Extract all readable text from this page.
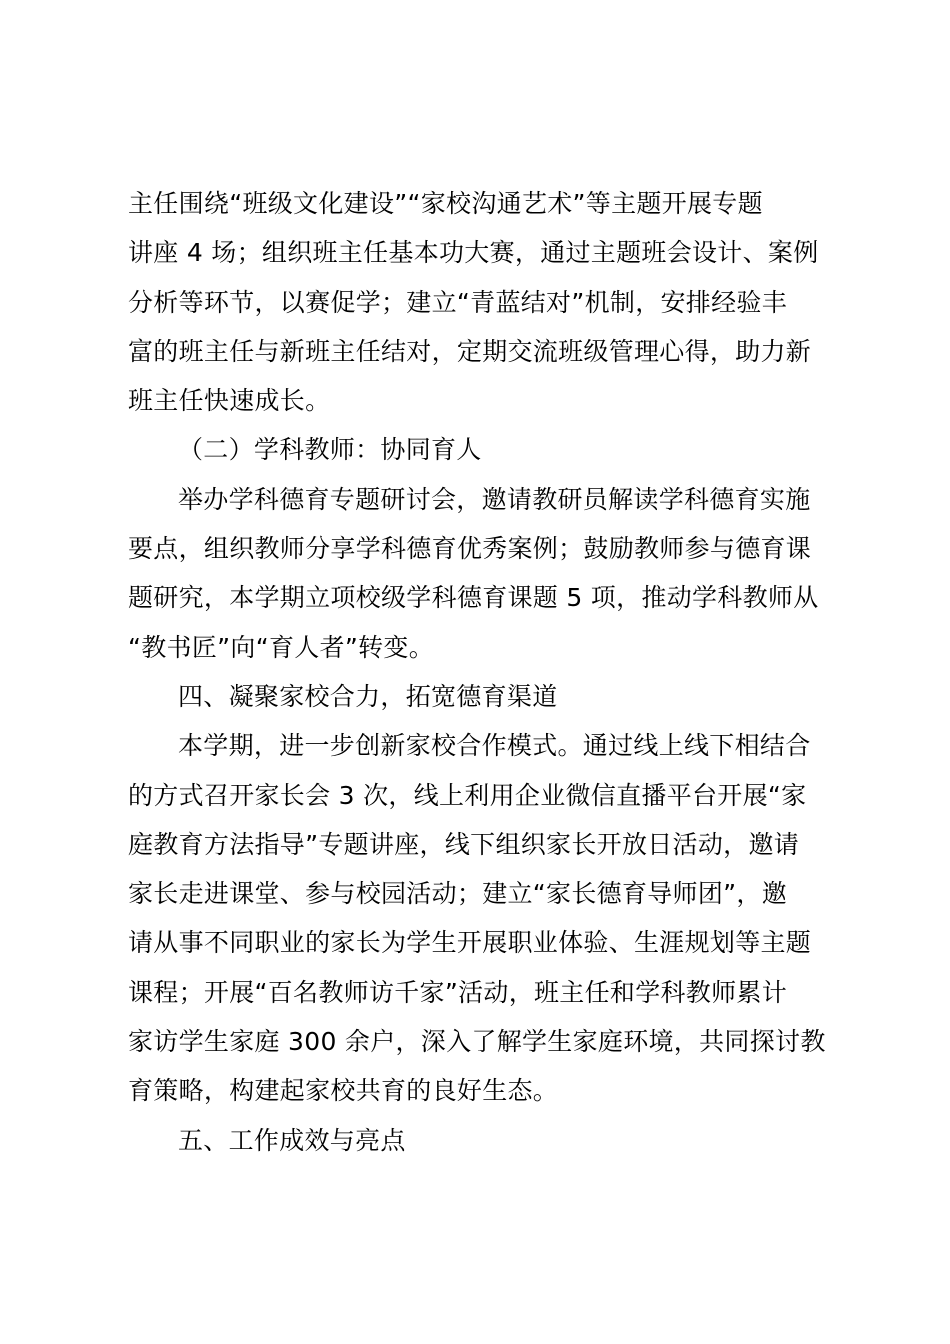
主任围绕“班级文化建设”“家校沟通艺术”等主题开展专题
讲座 4 场；组织班主任基本功大赛，通过主题班会设计、案例
分析等环节，以赛促学；建立“青蓝结对”机制，安排经验丰
富的班主任与新班主任结对，定期交流班级管理心得，助力新
班主任快速成长。
（二）学科教师：协同育人
举办学科德育专题研讨会，邀请教研员解读学科德育实施
要点，组织教师分享学科德育优秀案例；鼓励教师参与德育课
题研究，本学期立项校级学科德育课题 5 项，推动学科教师从
“教书匠”向“育人者”转变。
四、凝聚家校合力，拓宽德育渠道
本学期，进一步创新家校合作模式。通过线上线下相结合
的方式召开家长会 3 次，线上利用企业微信直播平台开展“家
庭教育方法指导”专题讲座，线下组织家长开放日活动，邀请
家长走进课堂、参与校园活动；建立“家长德育导师团”，邀
请从事不同职业的家长为学生开展职业体验、生涯规划等主题
课程；开展“百名教师访千家”活动，班主任和学科教师累计
家访学生家庭 300 余户，深入了解学生家庭环境，共同探讨教
育策略，构建起家校共育的良好生态。
五、工作成效与亮点
